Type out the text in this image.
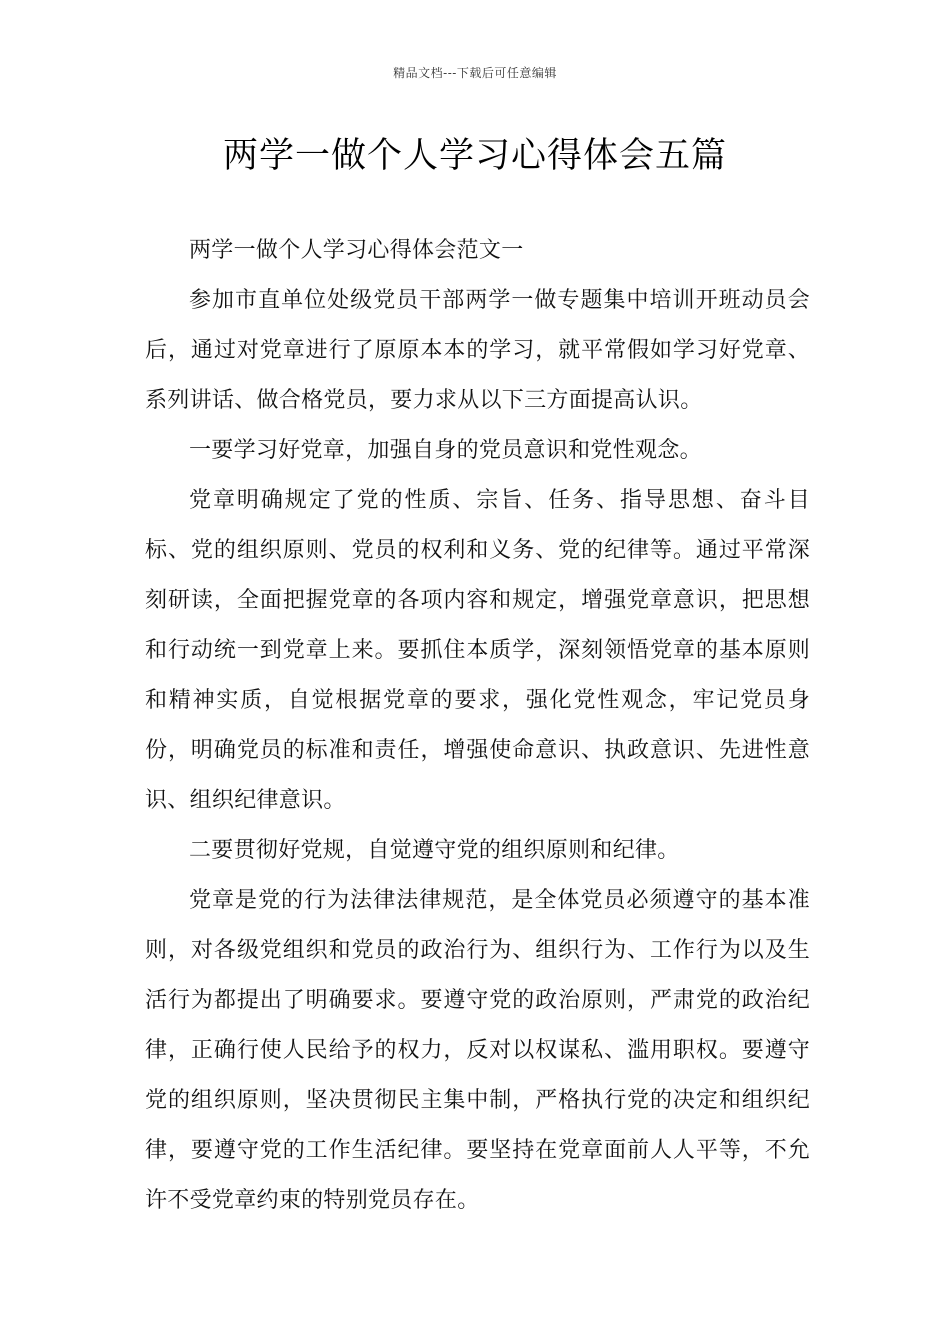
精品文档---下载后可任意编辑
两学一做个人学习心得体会五篇

两学一做个人学习心得体会范文一

参加市直单位处级党员干部两学一做专题集中培训开班动员会后，通过对党章进行了原原本本的学习，就平常假如学习好党章、系列讲话、做合格党员，要力求从以下三方面提高认识。

一要学习好党章，加强自身的党员意识和党性观念。

党章明确规定了党的性质、宗旨、任务、指导思想、奋斗目标、党的组织原则、党员的权利和义务、党的纪律等。通过平常深刻研读，全面把握党章的各项内容和规定，增强党章意识，把思想和行动统一到党章上来。要抓住本质学，深刻领悟党章的基本原则和精神实质，自觉根据党章的要求，强化党性观念，牢记党员身份，明确党员的标准和责任，增强使命意识、执政意识、先进性意识、组织纪律意识。

二要贯彻好党规，自觉遵守党的组织原则和纪律。

党章是党的行为法律法律规范，是全体党员必须遵守的基本准则，对各级党组织和党员的政治行为、组织行为、工作行为以及生活行为都提出了明确要求。要遵守党的政治原则，严肃党的政治纪律，正确行使人民给予的权力，反对以权谋私、滥用职权。要遵守党的组织原则，坚决贯彻民主集中制，严格执行党的决定和组织纪律，要遵守党的工作生活纪律。要坚持在党章面前人人平等，不允许不受党章约束的特别党员存在。
